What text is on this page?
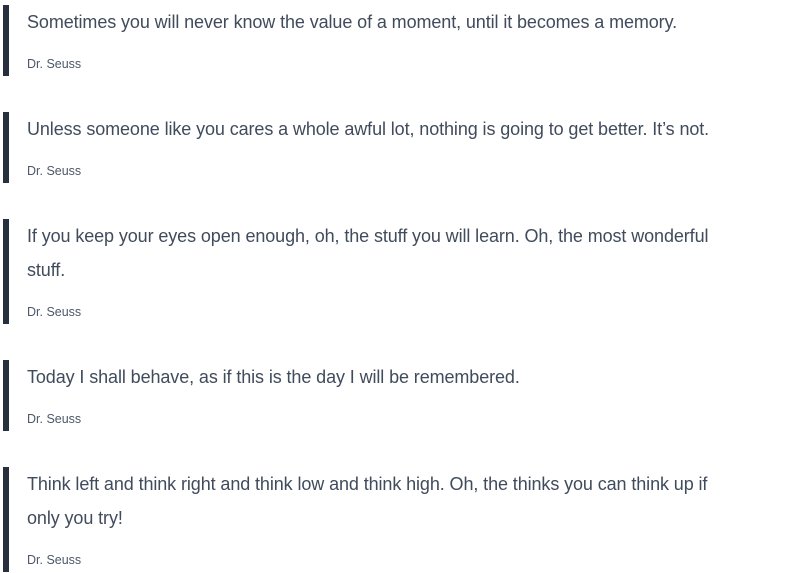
Sometimes you will never know the value of a moment, until it becomes a memory.

Dr. Seuss

Unless someone like you cares a whole awful lot, nothing is going to get better. It’s not.

Dr. Seuss

If you keep your eyes open enough, oh, the stuff you will learn. Oh, the most wonderful
stuff.

Dr. Seuss

Today I shall behave, as if this is the day I will be remembered.

Dr. Seuss

Think left and think right and think low and think high. Oh, the thinks you can think up if
only you try!

Dr. Seuss
